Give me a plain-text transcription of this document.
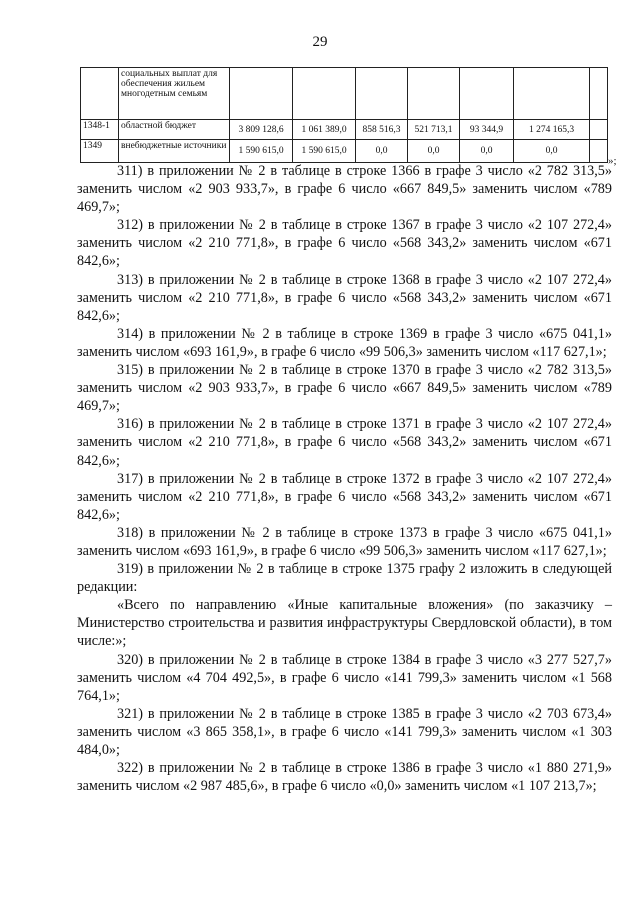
29
	социальных выплат для обеспечения жильем многодетным семьям							
1348-1	областной бюджет	3 809 128,6	1 061 389,0	858 516,3	521 713,1	93 344,9	1 274 165,3	
1349	внебюджетные источники	1 590 615,0	1 590 615,0	0,0	0,0	0,0	0,0	
»;

311) в приложении № 2 в таблице в строке 1366 в графе 3 число «2 782 313,5» заменить числом «2 903 933,7», в графе 6 число «667 849,5» заменить числом «789 469,7»;

312) в приложении № 2 в таблице в строке 1367 в графе 3 число «2 107 272,4» заменить числом «2 210 771,8», в графе 6 число «568 343,2» заменить числом «671 842,6»;

313) в приложении № 2 в таблице в строке 1368 в графе 3 число «2 107 272,4» заменить числом «2 210 771,8», в графе 6 число «568 343,2» заменить числом «671 842,6»;

314) в приложении № 2 в таблице в строке 1369 в графе 3 число «675 041,1» заменить числом «693 161,9», в графе 6 число «99 506,3» заменить числом «117 627,1»;

315) в приложении № 2 в таблице в строке 1370 в графе 3 число «2 782 313,5» заменить числом «2 903 933,7», в графе 6 число «667 849,5» заменить числом «789 469,7»;

316) в приложении № 2 в таблице в строке 1371 в графе 3 число «2 107 272,4» заменить числом «2 210 771,8», в графе 6 число «568 343,2» заменить числом «671 842,6»;

317) в приложении № 2 в таблице в строке 1372 в графе 3 число «2 107 272,4» заменить числом «2 210 771,8», в графе 6 число «568 343,2» заменить числом «671 842,6»;

318) в приложении № 2 в таблице в строке 1373 в графе 3 число «675 041,1» заменить числом «693 161,9», в графе 6 число «99 506,3» заменить числом «117 627,1»;

319) в приложении № 2 в таблице в строке 1375 графу 2 изложить в следующей редакции:

«Всего по направлению «Иные капитальные вложения» (по заказчику – Министерство строительства и развития инфраструктуры Свердловской области), в том числе:»;

320) в приложении № 2 в таблице в строке 1384 в графе 3 число «3 277 527,7» заменить числом «4 704 492,5», в графе 6 число «141 799,3» заменить числом «1 568 764,1»;

321) в приложении № 2 в таблице в строке 1385 в графе 3 число «2 703 673,4» заменить числом «3 865 358,1», в графе 6 число «141 799,3» заменить числом «1 303 484,0»;

322) в приложении № 2 в таблице в строке 1386 в графе 3 число «1 880 271,9» заменить числом «2 987 485,6», в графе 6 число «0,0» заменить числом «1 107 213,7»;
